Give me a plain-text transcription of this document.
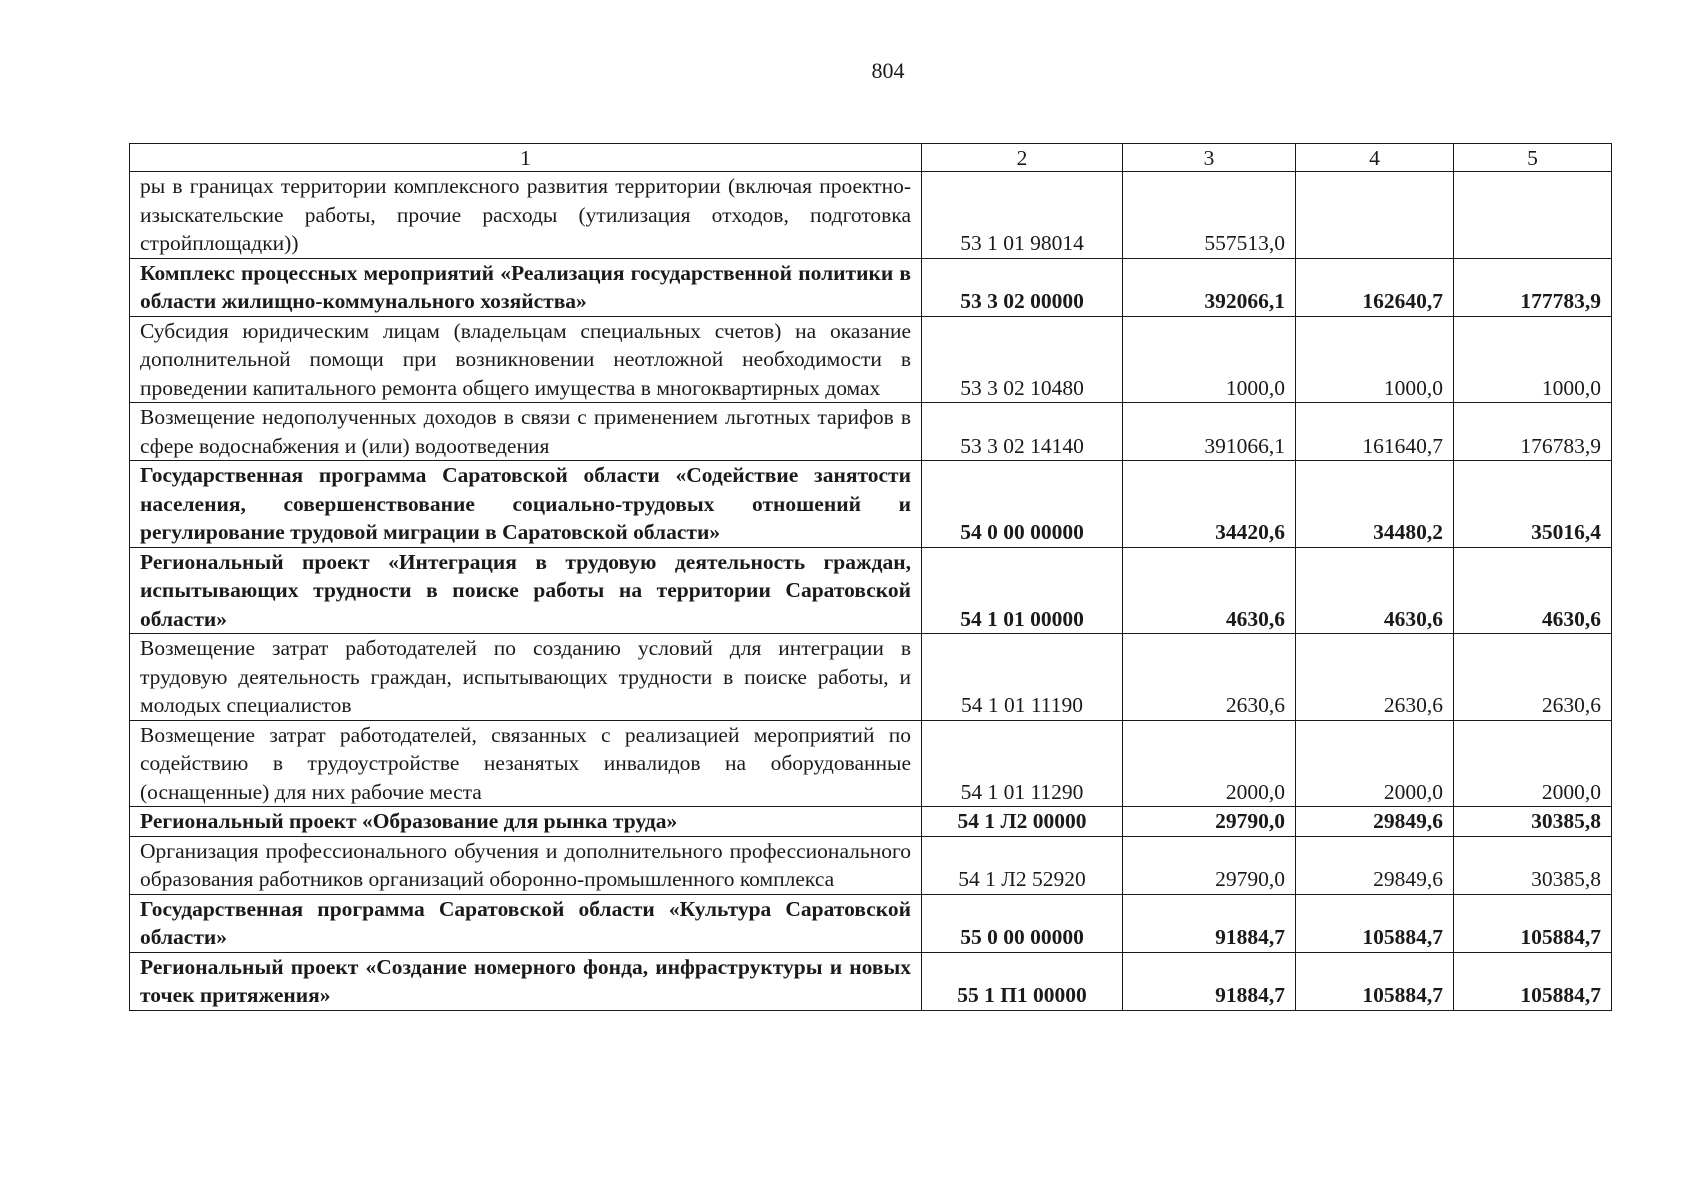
804
1	2	3	4	5
ры в границах территории комплексного развития территории (включая проектно-изыскательские работы, прочие расходы (утилизация отходов, подготовка стройплощадки))	53 1 01 98014	557513,0		
Комплекс процессных мероприятий «Реализация государственной политики в области жилищно-коммунального хозяйства»	53 3 02 00000	392066,1	162640,7	177783,9
Субсидия юридическим лицам (владельцам специальных счетов) на оказание дополнительной помощи при возникновении неотложной необходимости в проведении капитального ремонта общего имущества в многоквартирных домах	53 3 02 10480	1000,0	1000,0	1000,0
Возмещение недополученных доходов в связи с применением льготных тарифов в сфере водоснабжения и (или) водоотведения	53 3 02 14140	391066,1	161640,7	176783,9
Государственная программа Саратовской области «Содействие занятости населения, совершенствование социально-трудовых отношений и регулирование трудовой миграции в Саратовской области»	54 0 00 00000	34420,6	34480,2	35016,4
Региональный проект «Интеграция в трудовую деятельность граждан, испытывающих трудности в поиске работы на территории Саратовской области»	54 1 01 00000	4630,6	4630,6	4630,6
Возмещение затрат работодателей по созданию условий для интеграции в трудовую деятельность граждан, испытывающих трудности в поиске работы, и молодых специалистов	54 1 01 11190	2630,6	2630,6	2630,6
Возмещение затрат работодателей, связанных с реализацией мероприятий по содействию в трудоустройстве незанятых инвалидов на оборудованные (оснащенные) для них рабочие места	54 1 01 11290	2000,0	2000,0	2000,0
Региональный проект «Образование для рынка труда»	54 1 Л2 00000	29790,0	29849,6	30385,8
Организация профессионального обучения и дополнительного профессионального образования работников организаций оборонно-промышленного комплекса	54 1 Л2 52920	29790,0	29849,6	30385,8
Государственная программа Саратовской области «Культура Саратовской области»	55 0 00 00000	91884,7	105884,7	105884,7
Региональный проект «Создание номерного фонда, инфраструктуры и новых точек притяжения»	55 1 П1 00000	91884,7	105884,7	105884,7
